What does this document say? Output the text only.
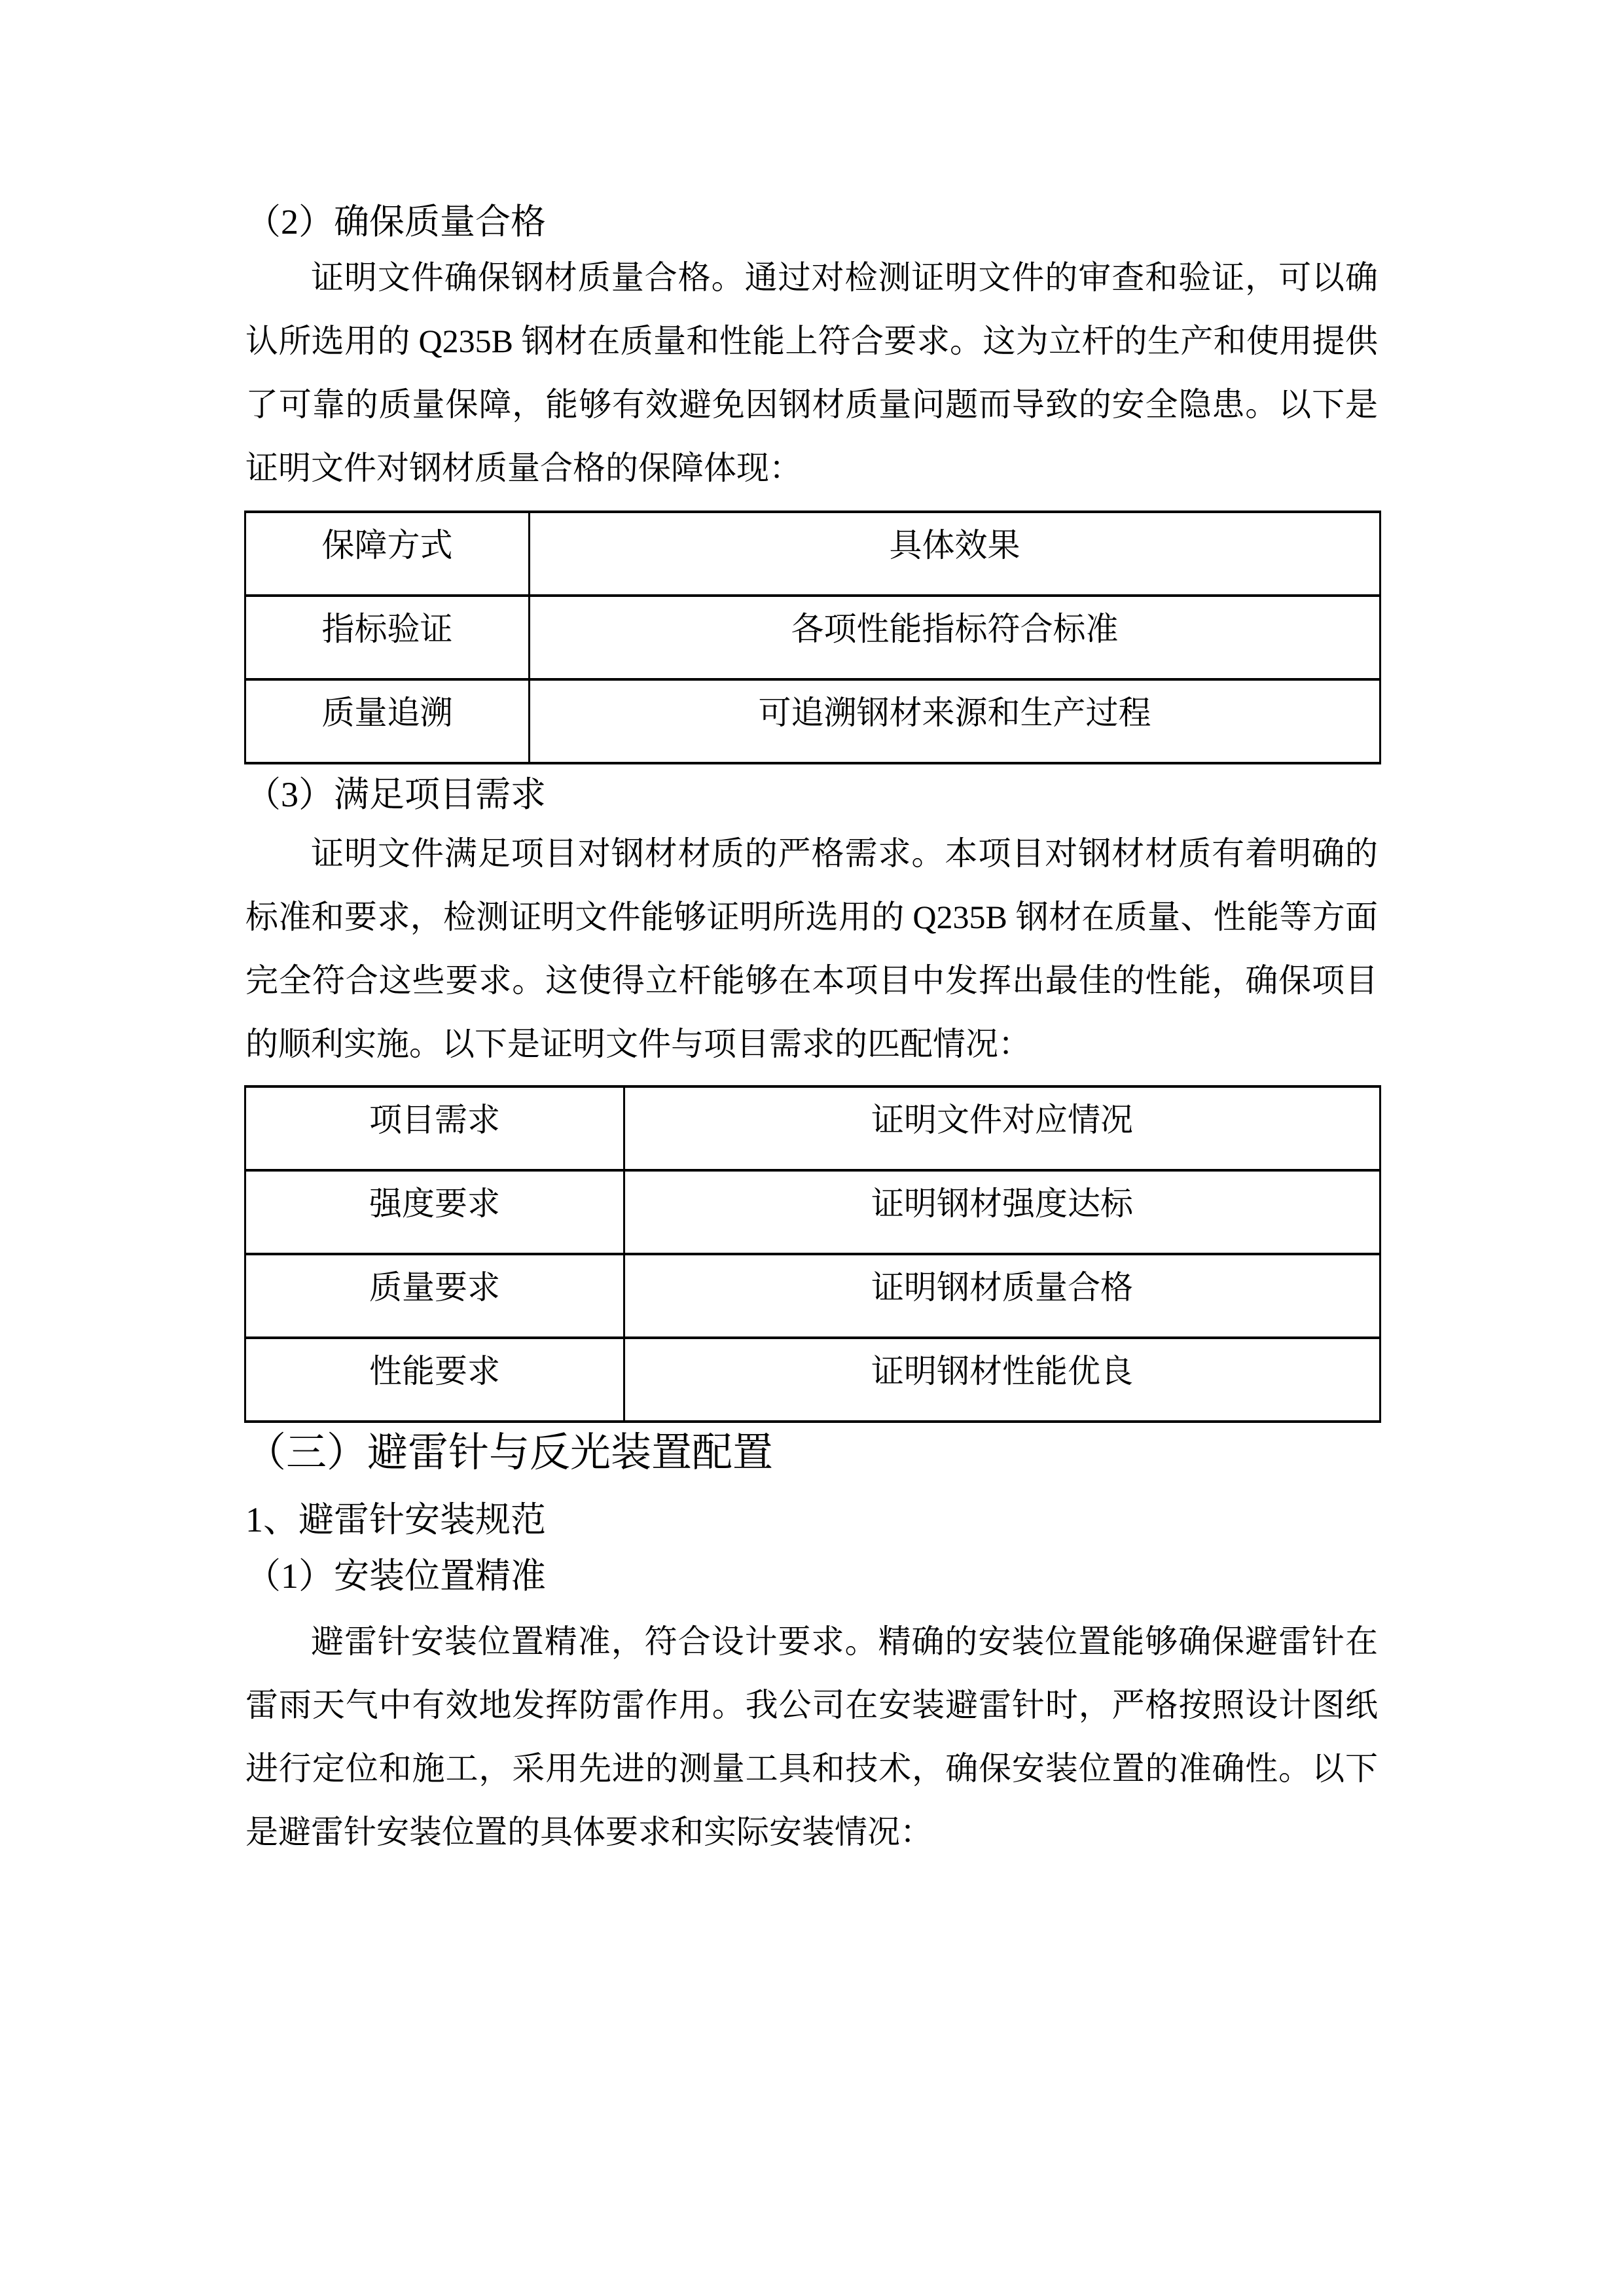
（2）确保质量合格
证明文件确保钢材质量合格。通过对检测证明文件的审查和验证，可以确
认所选用的 Q235B 钢材在质量和性能上符合要求。这为立杆的生产和使用提供
了可靠的质量保障，能够有效避免因钢材质量问题而导致的安全隐患。以下是
证明文件对钢材质量合格的保障体现：
保障方式	具体效果
指标验证	各项性能指标符合标准
质量追溯	可追溯钢材来源和生产过程
（3）满足项目需求
证明文件满足项目对钢材材质的严格需求。本项目对钢材材质有着明确的
标准和要求，检测证明文件能够证明所选用的 Q235B 钢材在质量、性能等方面
完全符合这些要求。这使得立杆能够在本项目中发挥出最佳的性能，确保项目
的顺利实施。以下是证明文件与项目需求的匹配情况：
项目需求	证明文件对应情况
强度要求	证明钢材强度达标
质量要求	证明钢材质量合格
性能要求	证明钢材性能优良
（三）避雷针与反光装置配置
1、避雷针安装规范
（1）安装位置精准
避雷针安装位置精准，符合设计要求。精确的安装位置能够确保避雷针在
雷雨天气中有效地发挥防雷作用。我公司在安装避雷针时，严格按照设计图纸
进行定位和施工，采用先进的测量工具和技术，确保安装位置的准确性。以下
是避雷针安装位置的具体要求和实际安装情况：
